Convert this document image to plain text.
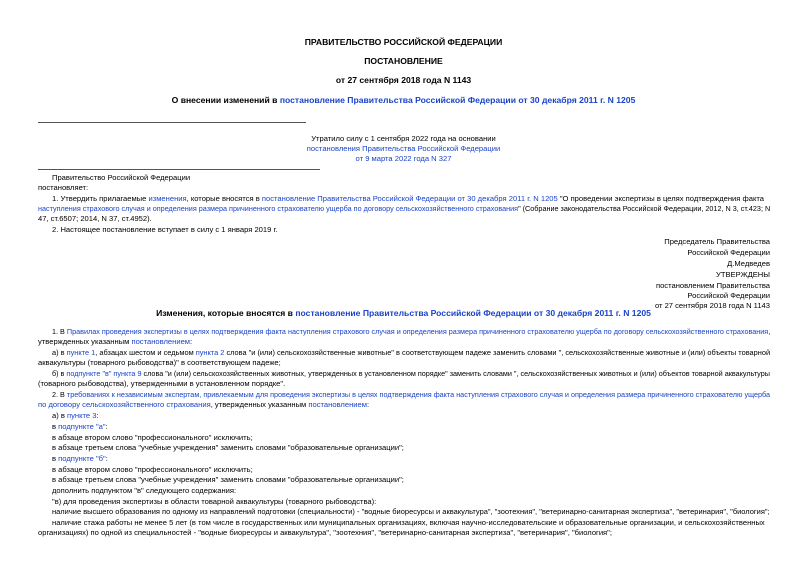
ПРАВИТЕЛЬСТВО РОССИЙСКОЙ ФЕДЕРАЦИИ
ПОСТАНОВЛЕНИЕ
от 27 сентября 2018 года N 1143
О внесении изменений в постановление Правительства Российской Федерации от 30 декабря 2011 г. N 1205
Утратило силу с 1 сентября 2022 года на основании
постановления Правительства Российской Федерации
от 9 марта 2022 года N 327
Правительство Российской Федерации
постановляет:
1. Утвердить прилагаемые изменения, которые вносятся в постановление Правительства Российской Федерации от 30 декабря 2011 г. N 1205 "О проведении экспертизы в целях подтверждения факта
наступления страхового случая и определения размера причиненного страхователю ущерба по договору сельскохозяйственного страхования" (Собрание законодательства Российской Федерации, 2012, N 3, ст.423; N
47, ст.6507; 2014, N 37, ст.4952).
2. Настоящее постановление вступает в силу с 1 января 2019 г.
Председатель Правительства
Российской Федерации
Д.Медведев
УТВЕРЖДЕНЫ
постановлением Правительства
Российской Федерации
от 27 сентября 2018 года N 1143
Изменения, которые вносятся в постановление Правительства Российской Федерации от 30 декабря 2011 г. N 1205
1. В Правилах проведения экспертизы в целях подтверждения факта наступления страхового случая и определения размера причиненного страхователю ущерба по договору сельскохозяйственного страхования,
утвержденных указанным постановлением:
а) в пункте 1, абзацах шестом и седьмом пункта 2 слова "и (или) сельскохозяйственные животные" в соответствующем падеже заменить словами ", сельскохозяйственные животные и (или) объекты товарной
аквакультуры (товарного рыбоводства)" в соответствующем падеже;
б) в подпункте "в" пункта 9 слова "и (или) сельскохозяйственных животных, утвержденных в установленном порядке" заменить словами ", сельскохозяйственных животных и (или) объектов товарной аквакультуры
(товарного рыбоводства), утвержденными в установленном порядке".
2. В требованиях к независимым экспертам, привлекаемым для проведения экспертизы в целях подтверждения факта наступления страхового случая и определения размера причиненного страхователю ущерба
по договору сельскохозяйственного страхования, утвержденных указанным постановлением:
а) в пункте 3:
в подпункте "а":
в абзаце втором слово "профессионального" исключить;
в абзаце третьем слова "учебные учреждения" заменить словами "образовательные организации";
в подпункте "б":
в абзаце втором слово "профессионального" исключить;
в абзаце третьем слова "учебные учреждения" заменить словами "образовательные организации";
дополнить подпунктом "в" следующего содержания:
"в) для проведения экспертизы в области товарной аквакультуры (товарного рыбоводства):
наличие высшего образования по одному из направлений подготовки (специальности) - "водные биоресурсы и аквакультура", "зоотехния", "ветеринарно-санитарная экспертиза", "ветеринария", "биология";
наличие стажа работы не менее 5 лет (в том числе в государственных или муниципальных организациях, включая научно-исследовательские и образовательные организации, и сельскохозяйственных
организациях) по одной из специальностей - "водные биоресурсы и аквакультура", "зоотехния", "ветеринарно-санитарная экспертиза", "ветеринария", "биология";
